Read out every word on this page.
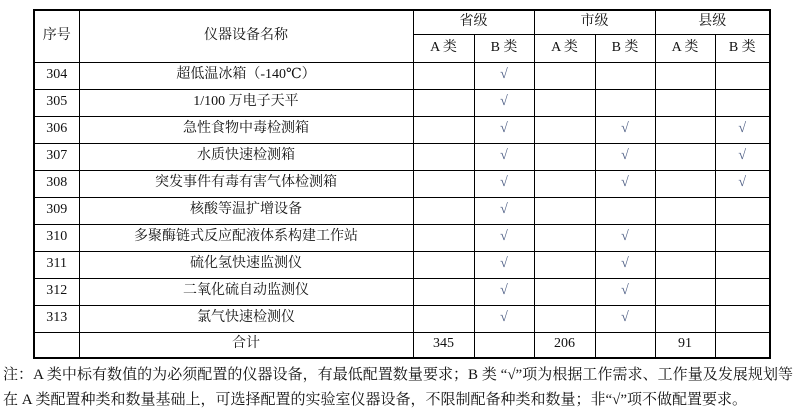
序号	仪器设备名称	省级		市级		县级	
		A 类	B 类	A 类	B 类	A 类	B 类
304	超低温冰箱（-140℃）		√				
305	1/100 万电子天平		√				
306	急性食物中毒检测箱		√		√		√
307	水质快速检测箱		√		√		√
308	突发事件有毒有害气体检测箱		√		√		√
309	核酸等温扩增设备		√				
310	多聚酶链式反应配液体系构建工作站		√		√		
311	硫化氢快速监测仪		√		√		
312	二氧化硫自动监测仪		√		√		
313	氯气快速检测仪		√		√		
	合计	345		206		91	
注：A 类中标有数值的为必须配置的仪器设备，有最低配置数量要求；B 类 “√”项为根据工作需求、工作量及发展规划等在 A 类配置种类和数量基础上，可选择配置的实验室仪器设备，不限制配备种类和数量；非“√”项不做配置要求。
